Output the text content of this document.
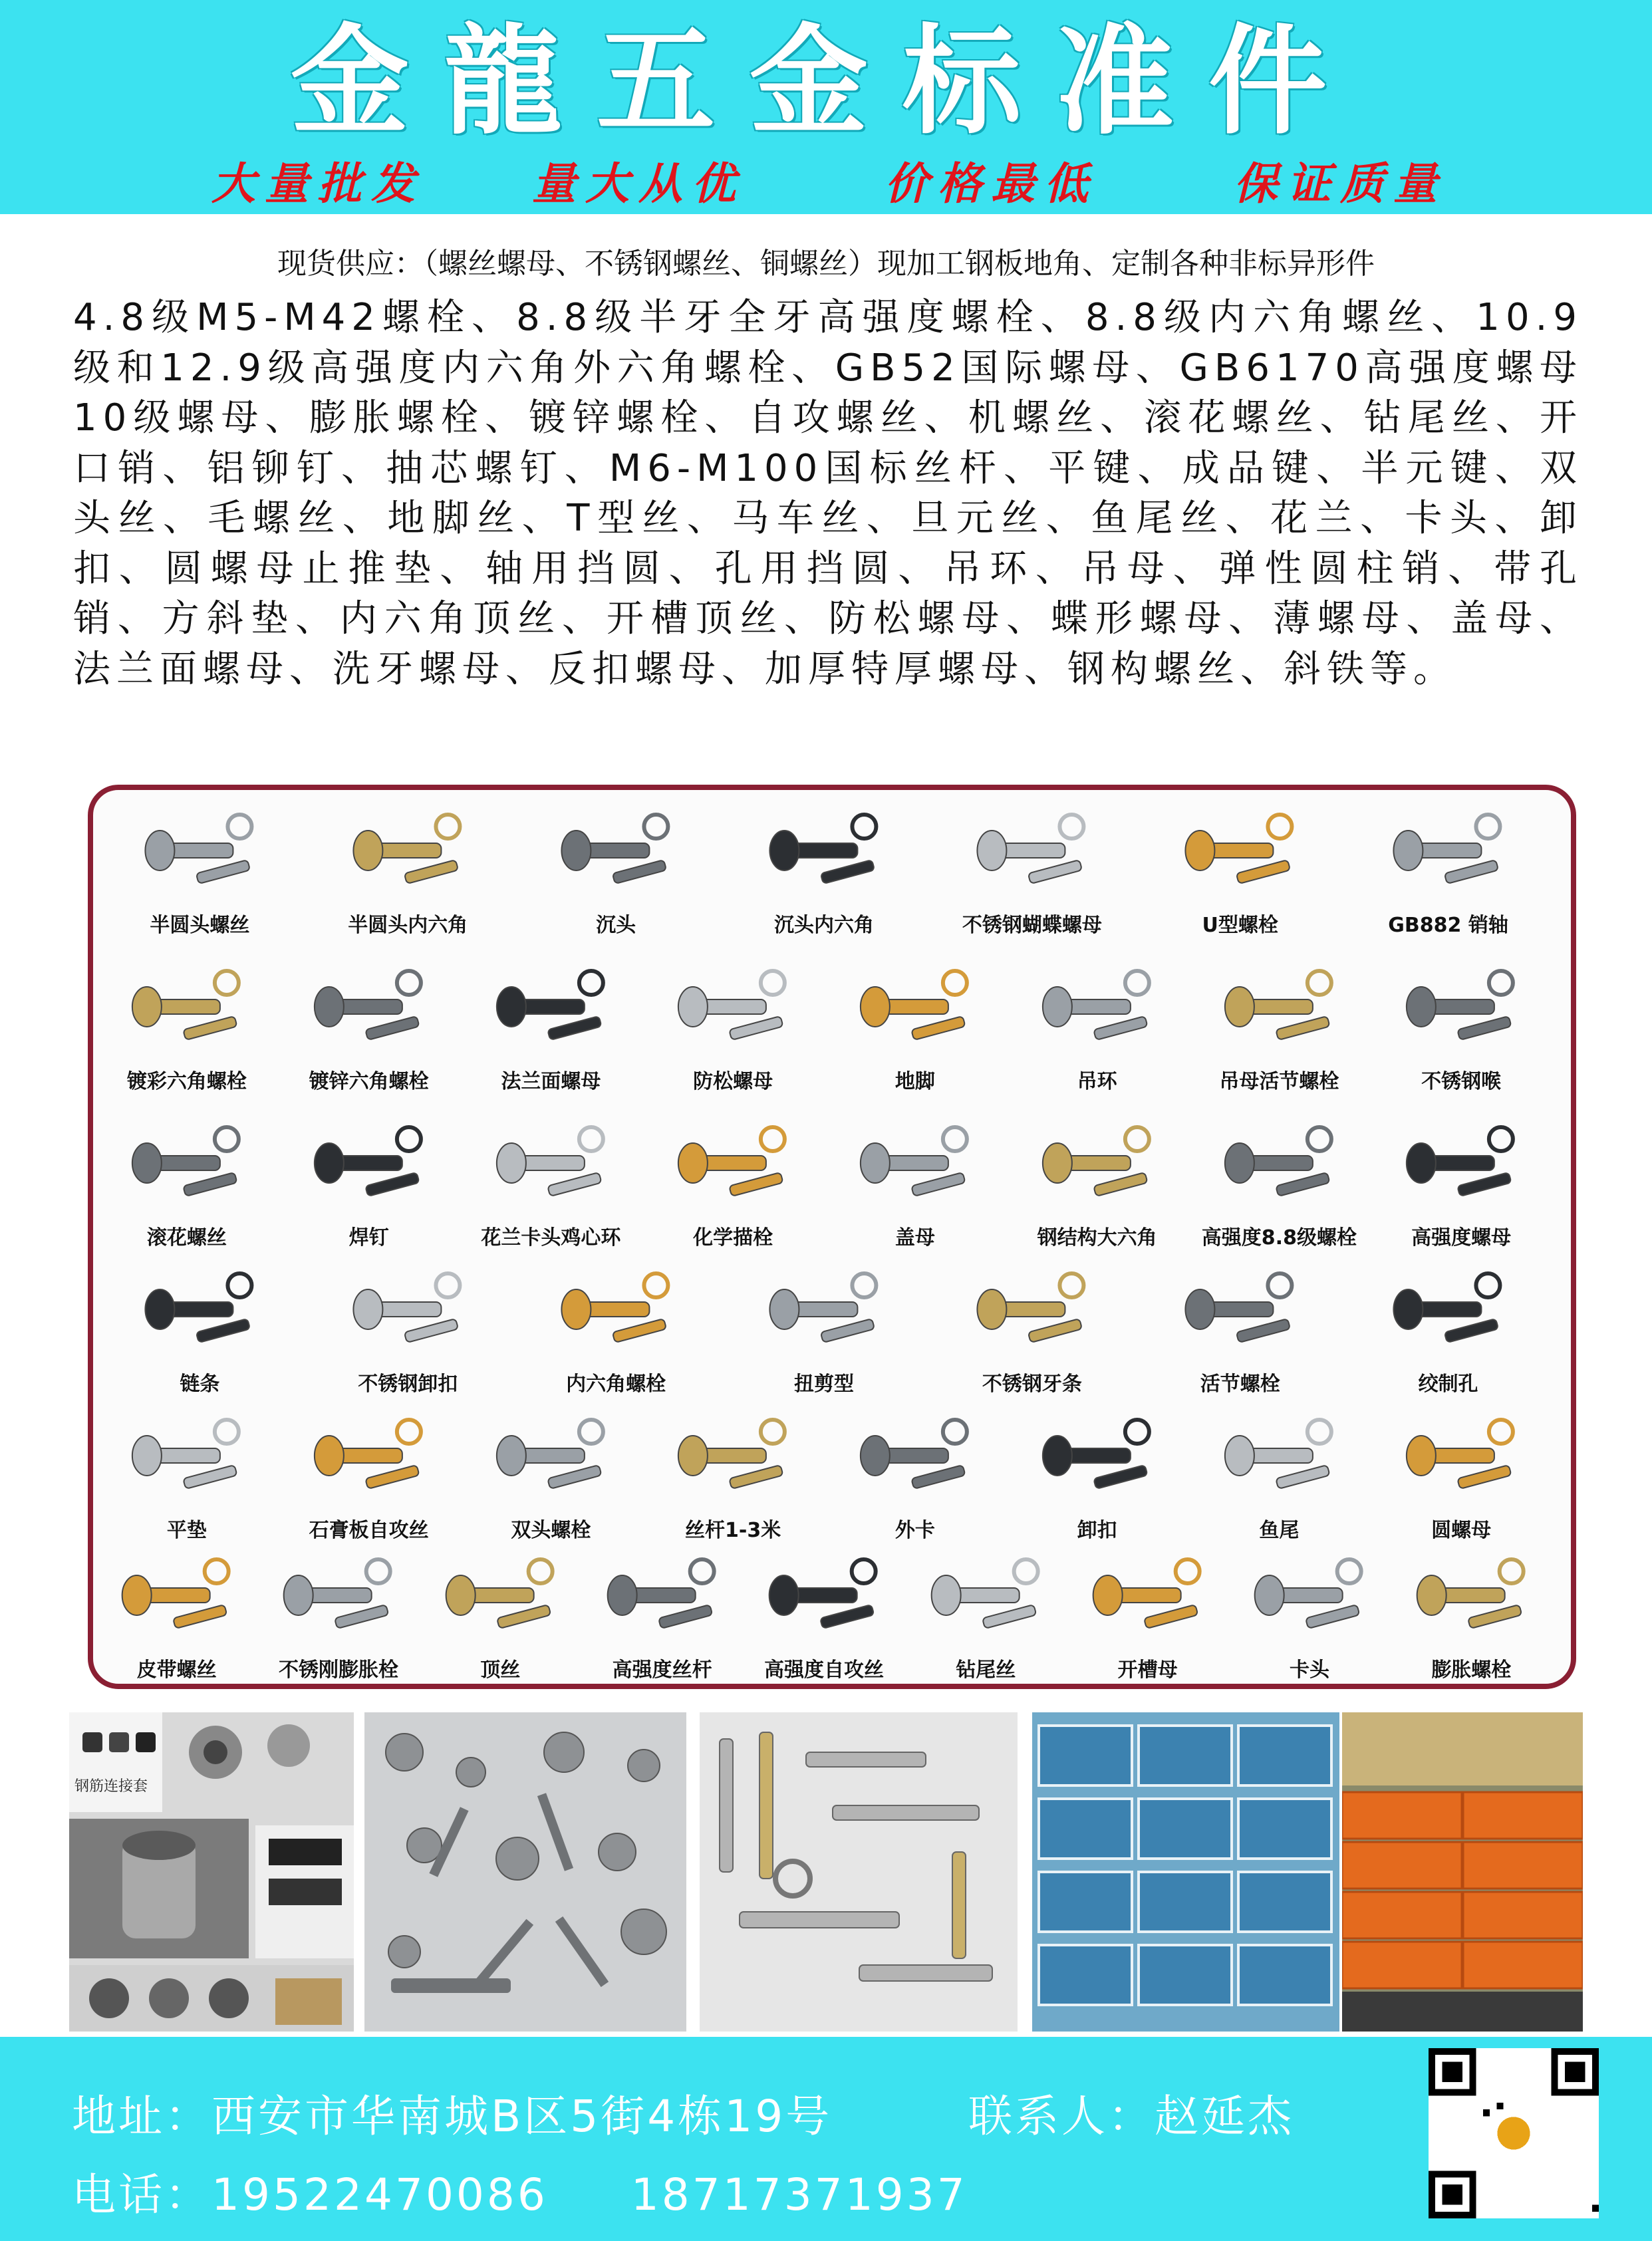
金龍五金标准件
大量批发 量大从优	价格最低	保证质量
现货供应：（螺丝螺母、不锈钢螺丝、铜螺丝）现加工钢板地角、定制各种非标异形件
4.8级M5-M42螺栓、8.8级半牙全牙高强度螺栓、8.8级内六角螺丝、10.9级和12.9级高强度内六角外六角螺栓、GB52国际螺母、GB6170高强度螺母10级螺母、膨胀螺栓、镀锌螺栓、自攻螺丝、机螺丝、滚花螺丝、钻尾丝、开口销、铝铆钉、抽芯螺钉、M6-M100国标丝杆、平键、成品键、半元键、双头丝、毛螺丝、地脚丝、T型丝、马车丝、旦元丝、鱼尾丝、花兰、卡头、卸扣、圆螺母止推垫、轴用挡圆、孔用挡圆、吊环、吊母、弹性圆柱销、带孔销、方斜垫、内六角顶丝、开槽顶丝、防松螺母、蝶形螺母、薄螺母、盖母、法兰面螺母、洗牙螺母、反扣螺母、加厚特厚螺母、钢构螺丝、斜铁等。
半圆头螺丝	半圆头内六角	沉头	沉头内六角	不锈钢蝴蝶螺母	U型螺栓	GB882 销轴
镀彩六角螺栓	镀锌六角螺栓	法兰面螺母	防松螺母	地脚	吊环	吊母活节螺栓	不锈钢喉
滚花螺丝	焊钉	花兰卡头鸡心环	化学描栓	盖母	钢结构大六角	高强度8.8级螺栓	高强度螺母
链条	不锈钢卸扣	内六角螺栓	扭剪型	不锈钢牙条	活节螺栓	绞制孔
平垫	石膏板自攻丝	双头螺栓	丝杆1-3米	外卡	卸扣	鱼尾	圆螺母
皮带螺丝	不锈刚膨胀栓	顶丝	高强度丝杆	高强度自攻丝	钻尾丝	开槽母	卡头	膨胀螺栓
钢筋连接套
地址：西安市华南城B区5街4栋19号	联系人：赵延杰
电话：19522470086     18717371937
